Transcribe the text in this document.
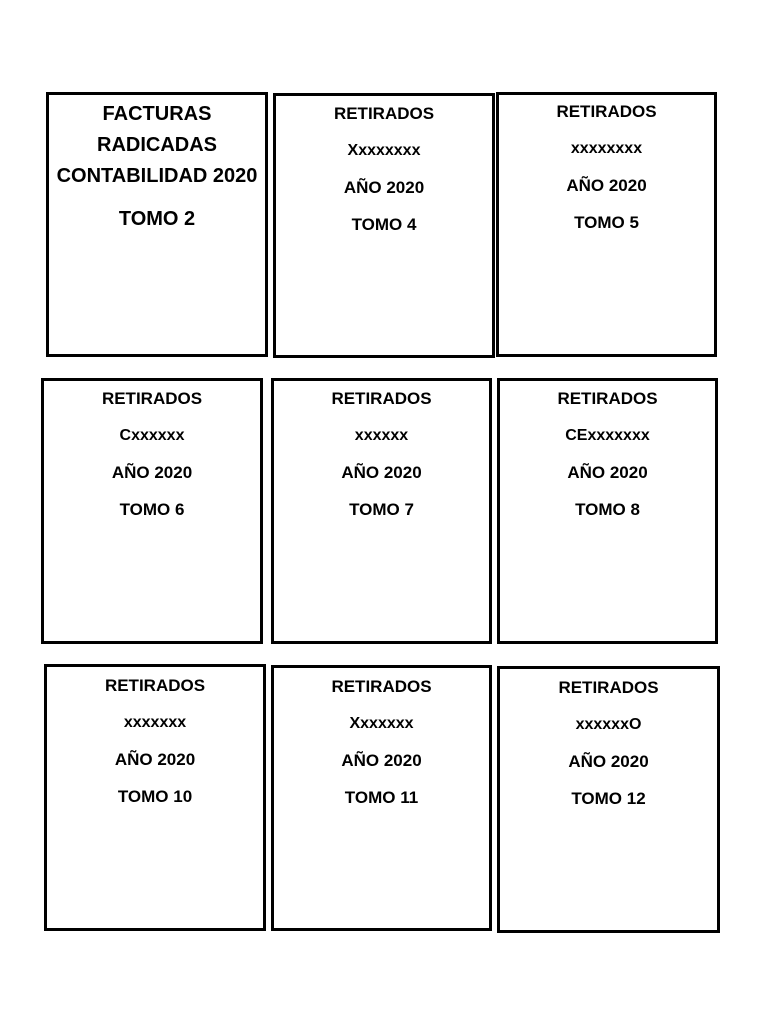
FACTURAS
RADICADAS
CONTABILIDAD 2020
TOMO 2
RETIRADOS
Xxxxxxxx
AÑO 2020
TOMO 4
RETIRADOS
xxxxxxxx
AÑO 2020
TOMO 5
RETIRADOS
Cxxxxxx
AÑO 2020
TOMO 6
RETIRADOS
xxxxxx
AÑO 2020
TOMO 7
RETIRADOS
CExxxxxxx
AÑO 2020
TOMO 8
RETIRADOS
xxxxxxx
AÑO 2020
TOMO 10
RETIRADOS
Xxxxxxx
AÑO 2020
TOMO 11
RETIRADOS
xxxxxxO
AÑO 2020
TOMO 12
